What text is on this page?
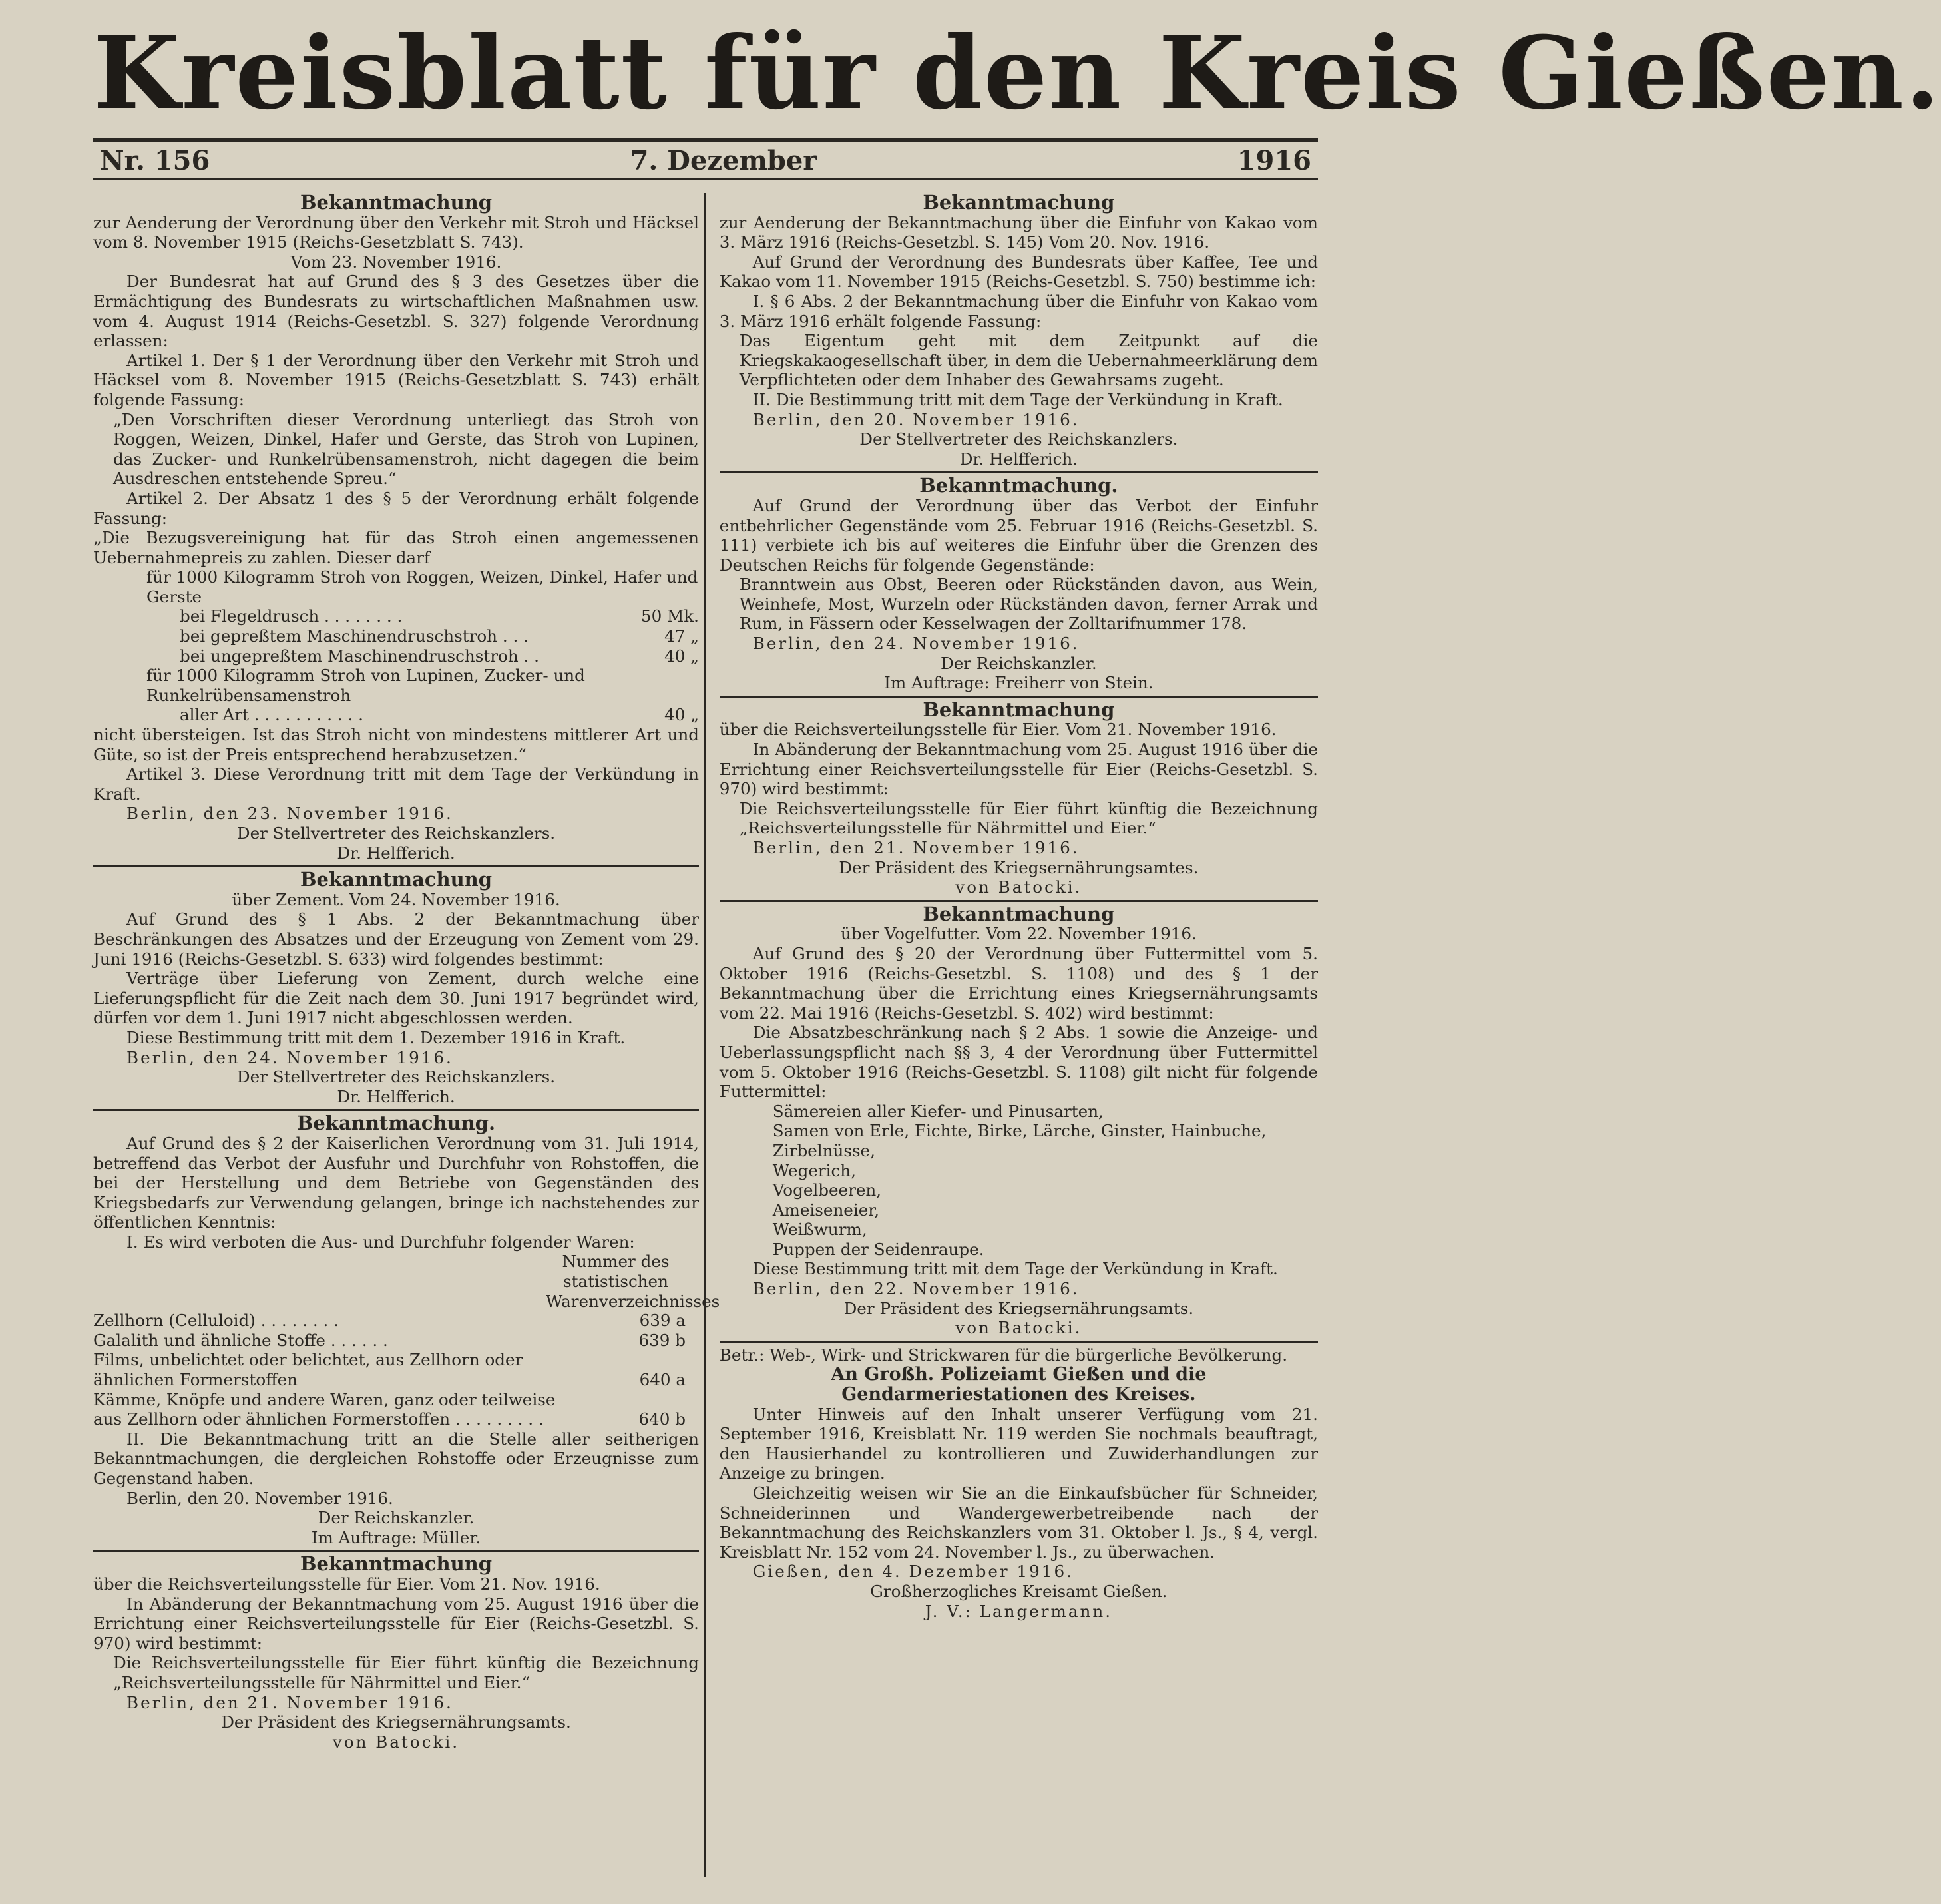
Kreisblatt für den Kreis Gießen.
Nr. 156	7. Dezember	1916

Bekanntmachung

zur Aenderung der Verordnung über den Verkehr mit Stroh und Häcksel vom 8. November 1915 (Reichs-Gesetzblatt S. 743).

Vom 23. November 1916.

Der Bundesrat hat auf Grund des § 3 des Gesetzes über die Ermächtigung des Bundesrats zu wirtschaftlichen Maßnahmen usw. vom 4. August 1914 (Reichs-Gesetzbl. S. 327) folgende Verordnung erlassen:

Artikel 1. Der § 1 der Verordnung über den Verkehr mit Stroh und Häcksel vom 8. November 1915 (Reichs-Gesetzblatt S. 743) erhält folgende Fassung:

„Den Vorschriften dieser Verordnung unterliegt das Stroh von Roggen, Weizen, Dinkel, Hafer und Gerste, das Stroh von Lupinen, das Zucker- und Runkelrübensamenstroh, nicht dagegen die beim Ausdreschen entstehende Spreu.“

Artikel 2. Der Absatz 1 des § 5 der Verordnung erhält folgende Fassung:

„Die Bezugsvereinigung hat für das Stroh einen angemessenen Uebernahmepreis zu zahlen. Dieser darf

für 1000 Kilogramm Stroh von Roggen, Weizen, Dinkel, Hafer und Gerste

bei Flegeldrusch . . . . . . . .	50 Mk.
bei gepreßtem Maschinendruschstroh . . .	47 „
bei ungepreßtem Maschinendruschstroh . .	40 „

für 1000 Kilogramm Stroh von Lupinen, Zucker- und Runkelrübensamenstroh

aller Art . . . . . . . . . . .	40 „

nicht übersteigen. Ist das Stroh nicht von mindestens mittlerer Art und Güte, so ist der Preis entsprechend herabzusetzen.“

Artikel 3. Diese Verordnung tritt mit dem Tage der Verkündung in Kraft.

Berlin, den 23. November 1916.

Der Stellvertreter des Reichskanzlers.

Dr. Helfferich.

Bekanntmachung

über Zement. Vom 24. November 1916.

Auf Grund des § 1 Abs. 2 der Bekanntmachung über Beschränkungen des Absatzes und der Erzeugung von Zement vom 29. Juni 1916 (Reichs-Gesetzbl. S. 633) wird folgendes bestimmt:

Verträge über Lieferung von Zement, durch welche eine Lieferungspflicht für die Zeit nach dem 30. Juni 1917 begründet wird, dürfen vor dem 1. Juni 1917 nicht abgeschlossen werden.

Diese Bestimmung tritt mit dem 1. Dezember 1916 in Kraft.

Berlin, den 24. November 1916.

Der Stellvertreter des Reichskanzlers.

Dr. Helfferich.

Bekanntmachung.

Auf Grund des § 2 der Kaiserlichen Verordnung vom 31. Juli 1914, betreffend das Verbot der Ausfuhr und Durchfuhr von Rohstoffen, die bei der Herstellung und dem Betriebe von Gegenständen des Kriegsbedarfs zur Verwendung gelangen, bringe ich nachstehendes zur öffentlichen Kenntnis:

I. Es wird verboten die Aus- und Durchfuhr folgender Waren:

Nummer des statistischen Warenverzeichnisses

Zellhorn (Celluloid) . . . . . . . .	639 a
Galalith und ähnliche Stoffe . . . . . .	639 b
Films, unbelichtet oder belichtet, aus Zellhorn oder ähnlichen Formerstoffen	640 a
Kämme, Knöpfe und andere Waren, ganz oder teilweise aus Zellhorn oder ähnlichen Formerstoffen . . . . . . . . .	640 b

II. Die Bekanntmachung tritt an die Stelle aller seitherigen Bekanntmachungen, die dergleichen Rohstoffe oder Erzeugnisse zum Gegenstand haben.

Berlin, den 20. November 1916.

Der Reichskanzler.

Im Auftrage: Müller.

Bekanntmachung

über die Reichsverteilungsstelle für Eier. Vom 21. Nov. 1916.

In Abänderung der Bekanntmachung vom 25. August 1916 über die Errichtung einer Reichsverteilungsstelle für Eier (Reichs-Gesetzbl. S. 970) wird bestimmt:

Die Reichsverteilungsstelle für Eier führt künftig die Bezeichnung „Reichsverteilungsstelle für Nährmittel und Eier.“

Berlin, den 21. November 1916.

Der Präsident des Kriegsernährungsamts.

von Batocki.

Bekanntmachung

zur Aenderung der Bekanntmachung über die Einfuhr von Kakao vom 3. März 1916 (Reichs-Gesetzbl. S. 145) Vom 20. Nov. 1916.

Auf Grund der Verordnung des Bundesrats über Kaffee, Tee und Kakao vom 11. November 1915 (Reichs-Gesetzbl. S. 750) bestimme ich:

I. § 6 Abs. 2 der Bekanntmachung über die Einfuhr von Kakao vom 3. März 1916 erhält folgende Fassung:

Das Eigentum geht mit dem Zeitpunkt auf die Kriegskakaogesellschaft über, in dem die Uebernahmeerklärung dem Verpflichteten oder dem Inhaber des Gewahrsams zugeht.

II. Die Bestimmung tritt mit dem Tage der Verkündung in Kraft.

Berlin, den 20. November 1916.

Der Stellvertreter des Reichskanzlers.

Dr. Helfferich.

Bekanntmachung.

Auf Grund der Verordnung über das Verbot der Einfuhr entbehrlicher Gegenstände vom 25. Februar 1916 (Reichs-Gesetzbl. S. 111) verbiete ich bis auf weiteres die Einfuhr über die Grenzen des Deutschen Reichs für folgende Gegenstände:

Branntwein aus Obst, Beeren oder Rückständen davon, aus Wein, Weinhefe, Most, Wurzeln oder Rückständen davon, ferner Arrak und Rum, in Fässern oder Kesselwagen der Zolltarifnummer 178.

Berlin, den 24. November 1916.

Der Reichskanzler.

Im Auftrage: Freiherr von Stein.

Bekanntmachung

über die Reichsverteilungsstelle für Eier. Vom 21. November 1916.

In Abänderung der Bekanntmachung vom 25. August 1916 über die Errichtung einer Reichsverteilungsstelle für Eier (Reichs-Gesetzbl. S. 970) wird bestimmt:

Die Reichsverteilungsstelle für Eier führt künftig die Bezeichnung „Reichsverteilungsstelle für Nährmittel und Eier.“

Berlin, den 21. November 1916.

Der Präsident des Kriegsernährungsamtes.

von Batocki.

Bekanntmachung

über Vogelfutter. Vom 22. November 1916.

Auf Grund des § 20 der Verordnung über Futtermittel vom 5. Oktober 1916 (Reichs-Gesetzbl. S. 1108) und des § 1 der Bekanntmachung über die Errichtung eines Kriegsernährungsamts vom 22. Mai 1916 (Reichs-Gesetzbl. S. 402) wird bestimmt:

Die Absatzbeschränkung nach § 2 Abs. 1 sowie die Anzeige- und Ueberlassungspflicht nach §§ 3, 4 der Verordnung über Futtermittel vom 5. Oktober 1916 (Reichs-Gesetzbl. S. 1108) gilt nicht für folgende Futtermittel:

Sämereien aller Kiefer- und Pinusarten,

Samen von Erle, Fichte, Birke, Lärche, Ginster, Hainbuche,

Zirbelnüsse,

Wegerich,

Vogelbeeren,

Ameiseneier,

Weißwurm,

Puppen der Seidenraupe.

Diese Bestimmung tritt mit dem Tage der Verkündung in Kraft.

Berlin, den 22. November 1916.

Der Präsident des Kriegsernährungsamts.

von Batocki.

Betr.: Web-, Wirk- und Strickwaren für die bürgerliche Bevölkerung.

An Großh. Polizeiamt Gießen und die Gendarmeriestationen des Kreises.

Unter Hinweis auf den Inhalt unserer Verfügung vom 21. September 1916, Kreisblatt Nr. 119 werden Sie nochmals beauftragt, den Hausierhandel zu kontrollieren und Zuwiderhandlungen zur Anzeige zu bringen.

Gleichzeitig weisen wir Sie an die Einkaufsbücher für Schneider, Schneiderinnen und Wandergewerbetreibende nach der Bekanntmachung des Reichskanzlers vom 31. Oktober l. Js., § 4, vergl. Kreisblatt Nr. 152 vom 24. November l. Js., zu überwachen.

Gießen, den 4. Dezember 1916.

Großherzogliches Kreisamt Gießen.

J. V.: Langermann.
